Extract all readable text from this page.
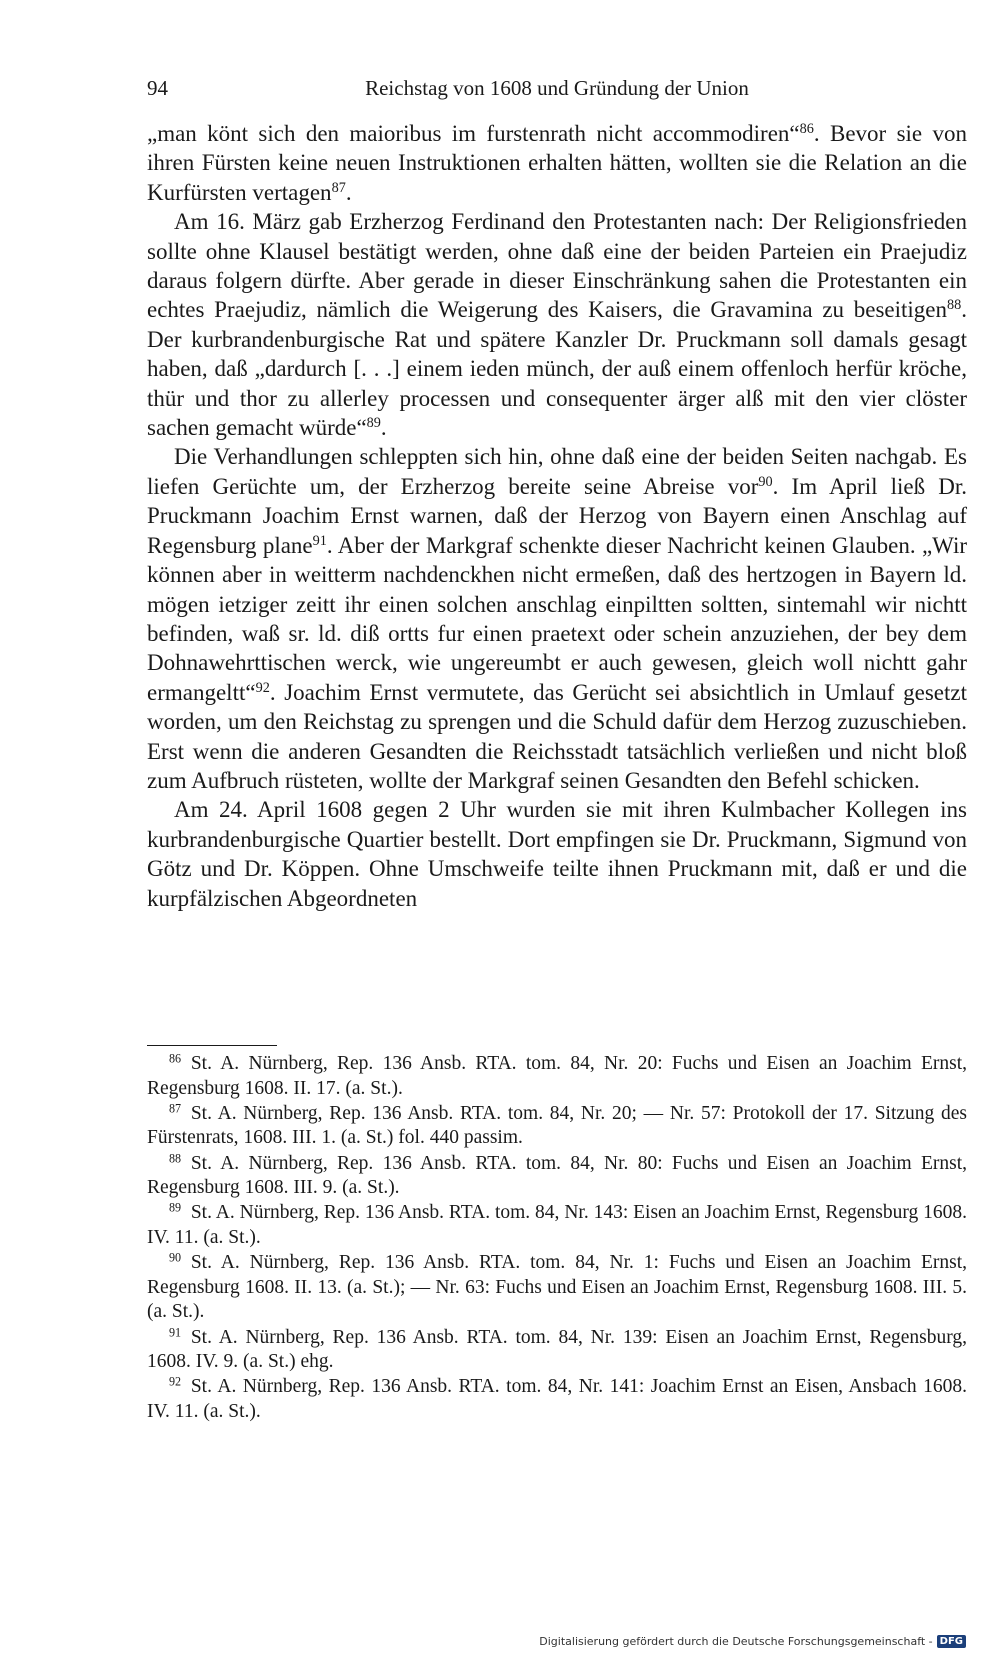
94	Reichstag von 1608 und Gründung der Union

„man könt sich den maioribus im furstenrath nicht accommodiren“$^{86}$. Bevor sie von ihren Fürsten keine neuen Instruktionen erhalten hätten, wollten sie die Relation an die Kurfürsten vertagen$^{87}$.

Am 16. März gab Erzherzog Ferdinand den Protestanten nach: Der Religionsfrieden sollte ohne Klausel bestätigt werden, ohne daß eine der beiden Parteien ein Praejudiz daraus folgern dürfte. Aber gerade in dieser Einschränkung sahen die Protestanten ein echtes Praejudiz, nämlich die Weigerung des Kaisers, die Gravamina zu beseitigen$^{88}$. Der kurbrandenburgische Rat und spätere Kanzler Dr. Pruckmann soll damals gesagt haben, daß „dardurch [. . .] einem ieden münch, der auß einem offenloch herfür kröche, thür und thor zu allerley processen und consequenter ärger alß mit den vier clöster sachen gemacht würde“$^{89}$.

Die Verhandlungen schleppten sich hin, ohne daß eine der beiden Seiten nachgab. Es liefen Gerüchte um, der Erzherzog bereite seine Abreise vor$^{90}$. Im April ließ Dr. Pruckmann Joachim Ernst warnen, daß der Herzog von Bayern einen Anschlag auf Regensburg plane$^{91}$. Aber der Markgraf schenkte dieser Nachricht keinen Glauben. „Wir können aber in weitterm nachdenckhen nicht ermeßen, daß des hertzogen in Bayern ld. mögen ietziger zeitt ihr einen solchen anschlag einpiltten soltten, sintemahl wir nichtt befinden, waß sr. ld. diß ortts fur einen praetext oder schein anzuziehen, der bey dem Dohnawehrttischen werck, wie ungereumbt er auch gewesen, gleich woll nichtt gahr ermangeltt“$^{92}$. Joachim Ernst vermutete, das Gerücht sei absichtlich in Umlauf gesetzt worden, um den Reichstag zu sprengen und die Schuld dafür dem Herzog zuzuschieben. Erst wenn die anderen Gesandten die Reichsstadt tatsächlich verließen und nicht bloß zum Aufbruch rüsteten, wollte der Markgraf seinen Gesandten den Befehl schicken.

Am 24. April 1608 gegen 2 Uhr wurden sie mit ihren Kulmbacher Kollegen ins kurbrandenburgische Quartier bestellt. Dort empfingen sie Dr. Pruckmann, Sigmund von Götz und Dr. Köppen. Ohne Umschweife teilte ihnen Pruckmann mit, daß er und die kurpfälzischen Abgeordneten

$^{86}$  St. A. Nürnberg, Rep. 136 Ansb. RTA. tom. 84, Nr. 20: Fuchs und Eisen an Joachim Ernst, Regensburg 1608. II. 17. (a. St.).

$^{87}$  St. A. Nürnberg, Rep. 136 Ansb. RTA. tom. 84, Nr. 20; — Nr. 57: Protokoll der 17. Sitzung des Fürstenrats, 1608. III. 1. (a. St.) fol. 440 passim.

$^{88}$  St. A. Nürnberg, Rep. 136 Ansb. RTA. tom. 84, Nr. 80: Fuchs und Eisen an Joachim Ernst, Regensburg 1608. III. 9. (a. St.).

$^{89}$  St. A. Nürnberg, Rep. 136 Ansb. RTA. tom. 84, Nr. 143: Eisen an Joachim Ernst, Regensburg 1608. IV. 11. (a. St.).

$^{90}$  St. A. Nürnberg, Rep. 136 Ansb. RTA. tom. 84, Nr. 1: Fuchs und Eisen an Joachim Ernst, Regensburg 1608. II. 13. (a. St.); — Nr. 63: Fuchs und Eisen an Joachim Ernst, Regensburg 1608. III. 5. (a. St.).

$^{91}$  St. A. Nürnberg, Rep. 136 Ansb. RTA. tom. 84, Nr. 139: Eisen an Joachim Ernst, Regensburg, 1608. IV. 9. (a. St.) ehg.

$^{92}$  St. A. Nürnberg, Rep. 136 Ansb. RTA. tom. 84, Nr. 141: Joachim Ernst an Eisen, Ansbach 1608. IV. 11. (a. St.).

Digitalisierung gefördert durch die Deutsche Forschungsgemeinschaft - DFG
